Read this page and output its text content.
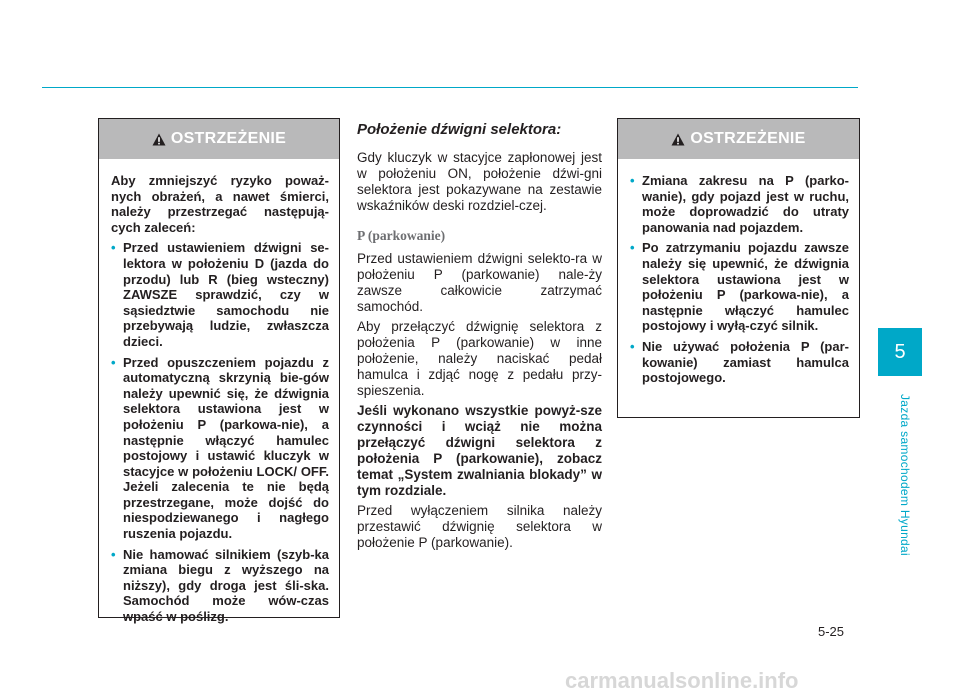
OSTRZEŻENIE

Aby zmniejszyć ryzyko poważ-nych obrażeń, a nawet śmierci, należy przestrzegać następują-cych zaleceń:

• Przed ustawieniem dźwigni se-lektora w położeniu D (jazda do przodu) lub R (bieg wsteczny) ZAWSZE sprawdzić, czy w sąsiedztwie samochodu nie przebywają ludzie, zwłaszcza dzieci.
• Przed opuszczeniem pojazdu z automatyczną skrzynią bie-gów należy upewnić się, że dźwignia selektora ustawiona jest w położeniu P (parkowa-nie), a następnie włączyć hamulec postojowy i ustawić kluczyk w stacyjce w położeniu LOCK/ OFF. Jeżeli zalecenia te nie będą przestrzegane, może dojść do niespodziewanego i nagłego ruszenia pojazdu.
• Nie hamować silnikiem (szyb-ka zmiana biegu z wyższego na niższy), gdy droga jest śli-ska. Samochód może wów-czas wpaść w poślizg.
Położenie dźwigni selektora:

Gdy kluczyk w stacyjce zapłonowej jest w położeniu ON, położenie dźwi-gni selektora jest pokazywane na zestawie wskaźników deski rozdziel-czej.

P (parkowanie)

Przed ustawieniem dźwigni selekto-ra w położeniu P (parkowanie) nale-ży zawsze całkowicie zatrzymać samochód.

Aby przełączyć dźwignię selektora z położenia P (parkowanie) w inne położenie, należy naciskać pedał hamulca i zdjąć nogę z pedału przy-spieszenia.

Jeśli wykonano wszystkie powyż-sze czynności i wciąż nie można przełączyć dźwigni selektora z położenia P (parkowanie), zobacz temat „System zwalniania blokady” w tym rozdziale.

Przed wyłączeniem silnika należy przestawić dźwignię selektora w położenie P (parkowanie).

OSTRZEŻENIE
• Zmiana zakresu na P (parko-wanie), gdy pojazd jest w ruchu, może doprowadzić do utraty panowania nad pojazdem.
• Po zatrzymaniu pojazdu zawsze należy się upewnić, że dźwignia selektora ustawiona jest w położeniu P (parkowa-nie), a następnie włączyć hamulec postojowy i wyłą-czyć silnik.
• Nie używać położenia P (par-kowanie) zamiast hamulca postojowego.
5
Jazda samochodem Hyundai
5-25
carmanualsonline.info
